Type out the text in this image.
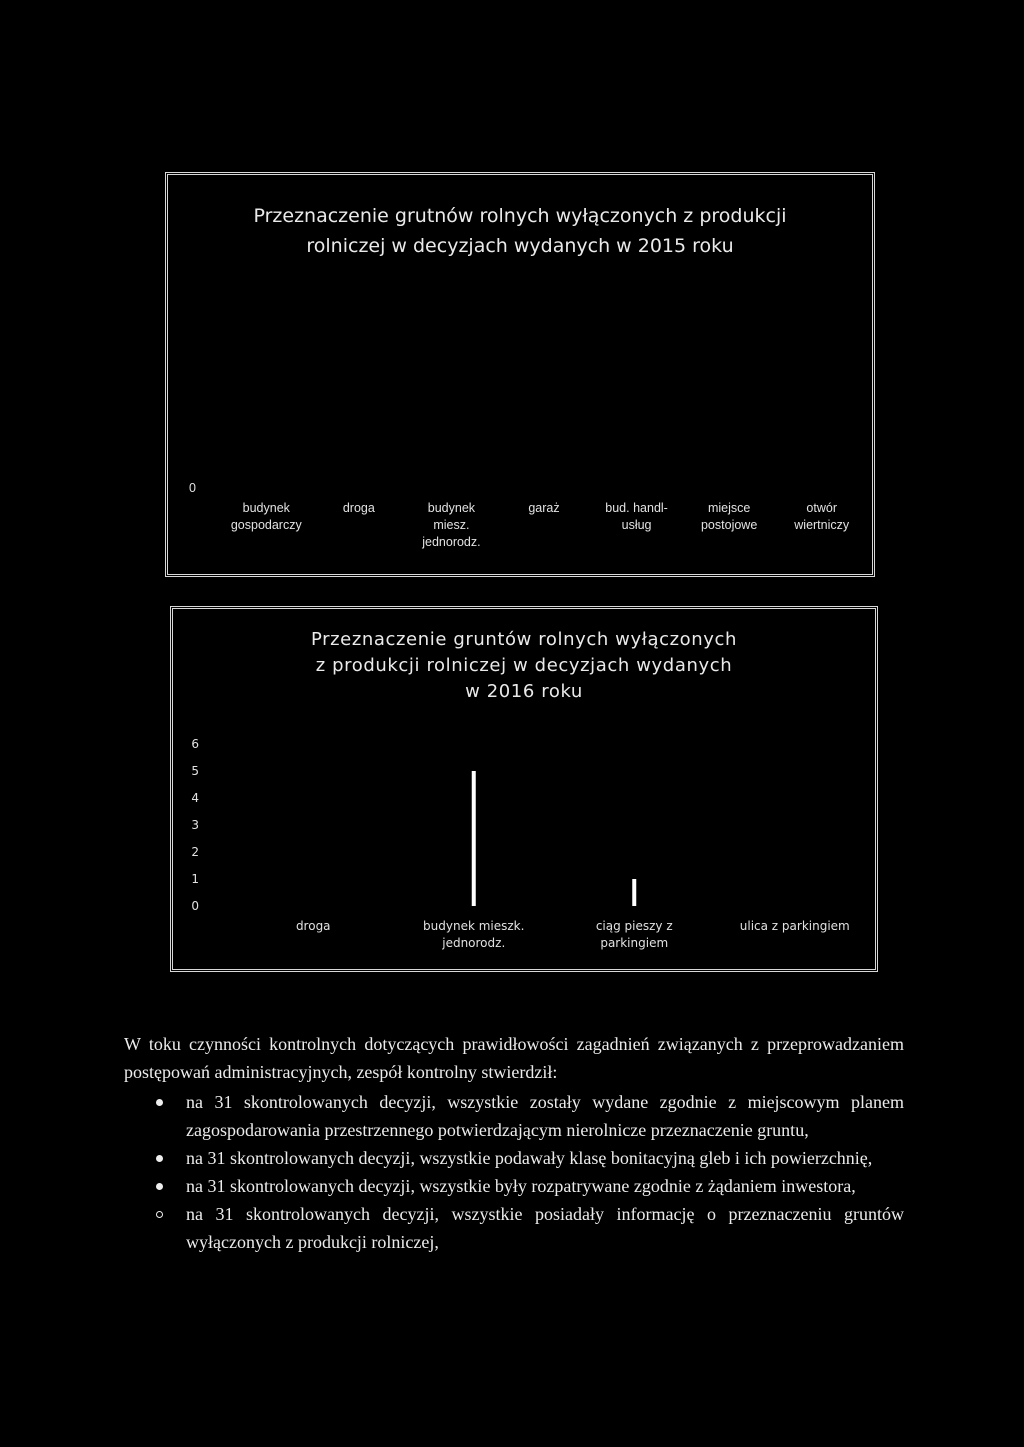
Przeznaczenie grutnów rolnych wyłączonych z produkcji
rolniczej w decyzjach wydanych w 2015 roku
0
budynek
gospodarczy
droga	budynek
miesz.
jednorodz.
garaż	bud. handl-
usług
miejsce
postojowe
otwór
wiertniczy
Przeznaczenie gruntów rolnych wyłączonych
z produkcji rolniczej w decyzjach wydanych
w 2016 roku
0
1
2
3
4
5
6
droga	budynek mieszk.
jednorodz.
ciąg pieszy z
parkingiem
ulica z parkingiem

W toku czynności kontrolnych dotyczących prawidłowości zagadnień związanych z przeprowadzaniem postępowań administracyjnych, zespół kontrolny stwierdził:

na 31 skontrolowanych decyzji, wszystkie zostały wydane zgodnie z miejscowym planem zagospodarowania przestrzennego potwierdzającym nierolnicze przeznaczenie gruntu,
na 31 skontrolowanych decyzji, wszystkie podawały klasę bonitacyjną gleb i ich powierzchnię,
na 31 skontrolowanych decyzji, wszystkie były rozpatrywane zgodnie z żądaniem inwestora,
na 31 skontrolowanych decyzji, wszystkie posiadały informację o przeznaczeniu gruntów wyłączonych z produkcji rolniczej,
